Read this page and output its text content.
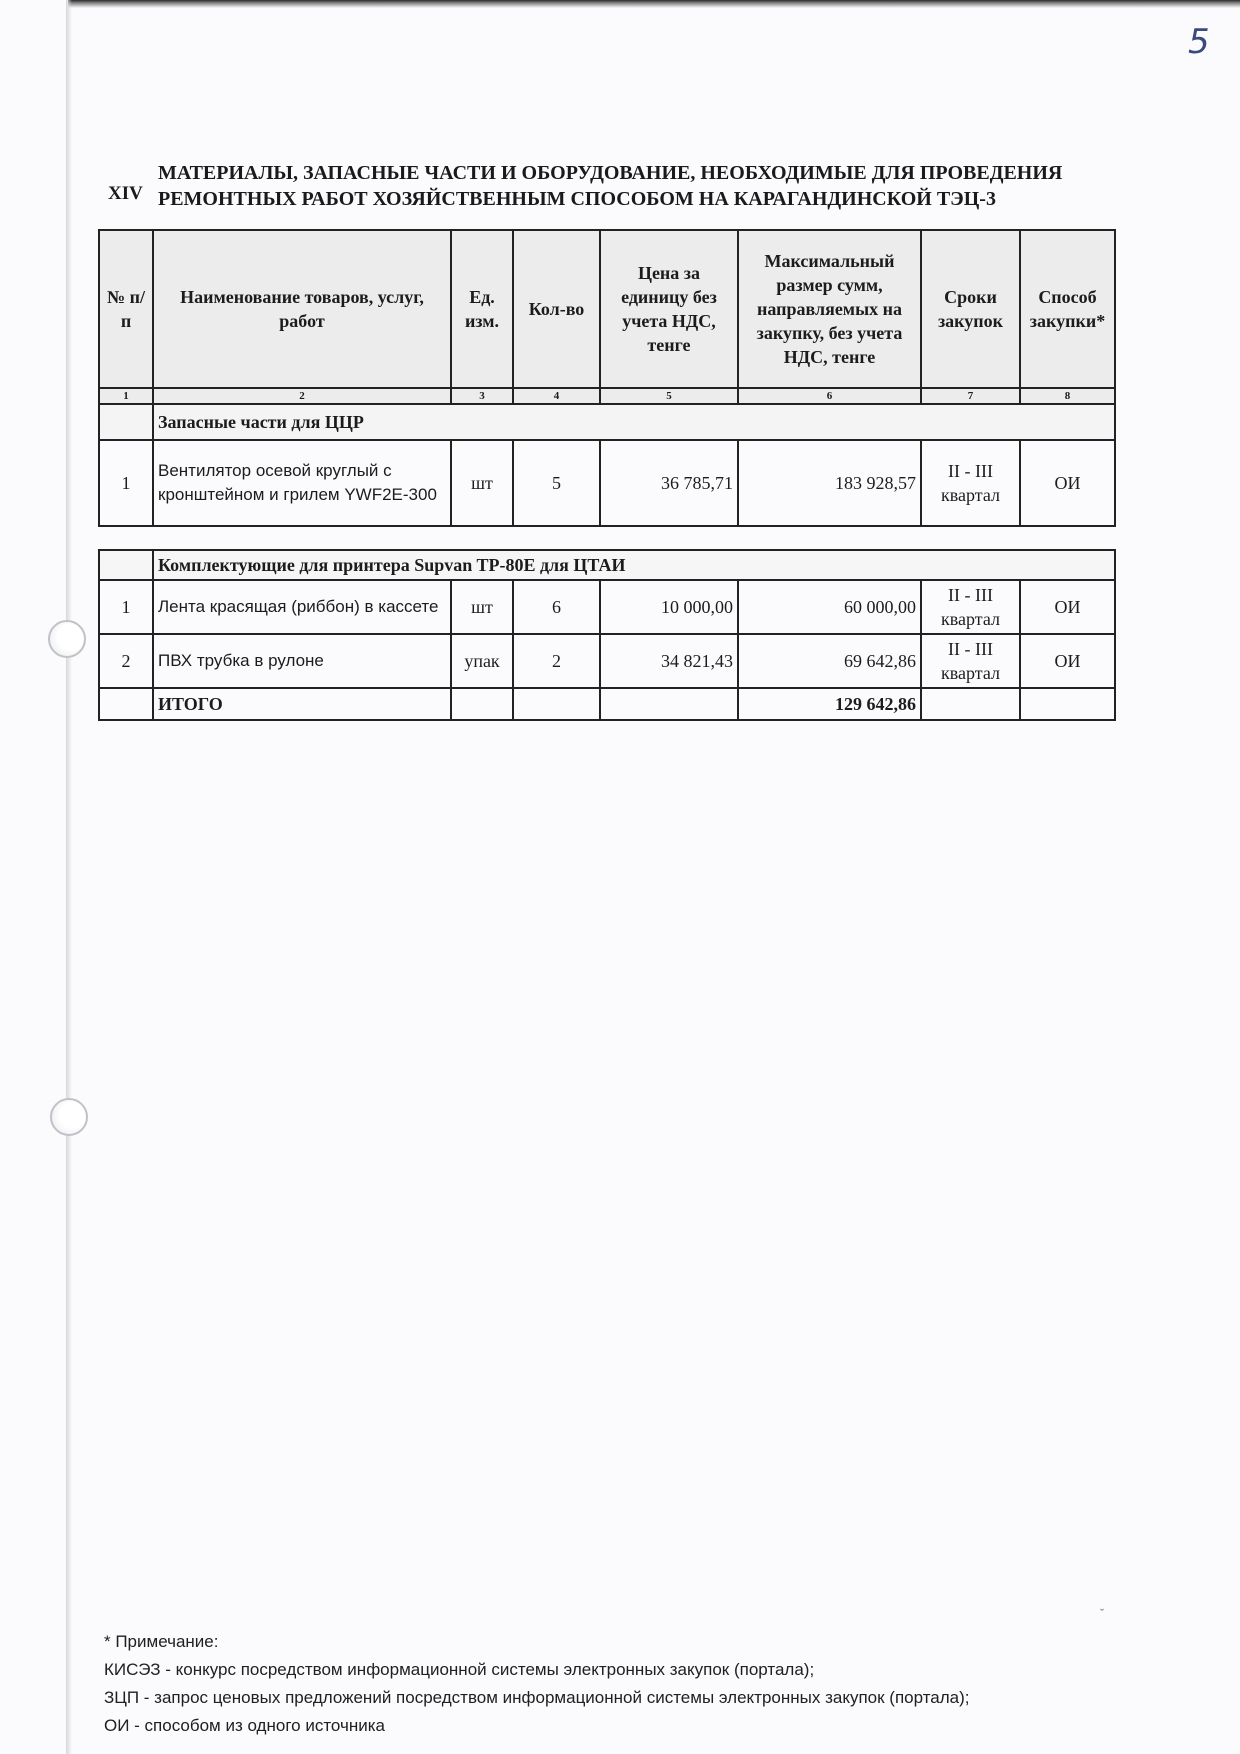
5
XIV
МАТЕРИАЛЫ, ЗАПАСНЫЕ ЧАСТИ И ОБОРУДОВАНИЕ, НЕОБХОДИМЫЕ ДЛЯ ПРОВЕДЕНИЯ
РЕМОНТНЫХ РАБОТ ХОЗЯЙСТВЕННЫМ СПОСОБОМ НА КАРАГАНДИНСКОЙ ТЭЦ-3
№ п/п	Наименование товаров, услуг, работ	Ед. изм.	Кол-во	Цена за единицу без учета НДС, тенге	Максимальный размер сумм, направляемых на закупку, без учета НДС, тенге	Сроки закупок	Способ закупки*
1	2	3	4	5	6	7	8
	Запасные части для ЦЦР						
1	Вентилятор осевой круглый с кронштейном и грилем YWF2E-300	шт	5	36 785,71	183 928,57	II - III квартал	ОИ
	Комплектующие для принтера Supvan TP-80E для ЦТАИ						
1	Лента красящая (риббон) в кассете	шт	6	10 000,00	60 000,00	II - III квартал	ОИ
2	ПВХ трубка в рулоне	упак	2	34 821,43	69 642,86	II - III квартал	ОИ
	ИТОГО				129 642,86		
ˇ
* Примечание:
КИСЭЗ - конкурс посредством информационной системы электронных закупок (портала);
ЗЦП - запрос ценовых предложений посредством информационной системы электронных закупок (портала);
ОИ - способом из одного источника
